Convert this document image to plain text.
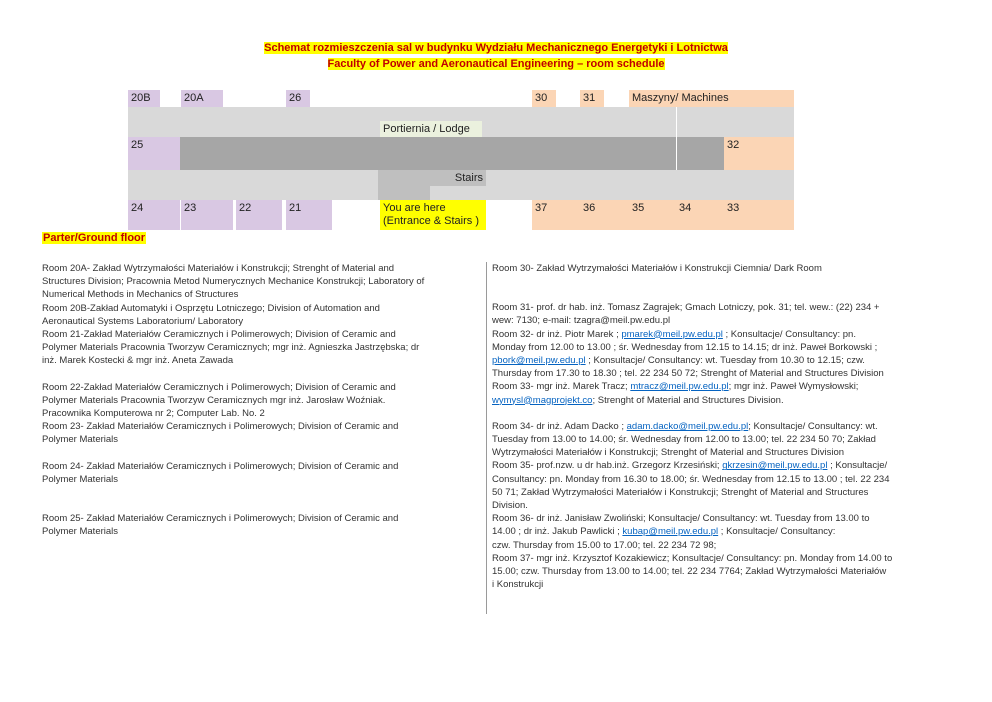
Schemat rozmieszczenia sal w budynku Wydziału Mechanicznego Energetyki i Lotnictwa
Faculty of Power and Aeronautical Engineering – room schedule
20B	20A	26	30	31	Maszyny/ Machines
Portiernia / Lodge
25	32
Stairs
24	23	22	21	You are here
(Entrance & Stairs )
37	36	35	34	33
Parter/Ground floor

Room 20A- Zakład Wytrzymałości Materiałów i Konstrukcji; Strenght of Material and

Structures Division; Pracownia Metod Numerycznych Mechanice Konstrukcji; Laboratory of

Numerical Methods in Mechanics of Structures

Room 20B-Zakład Automatyki i Osprzętu Lotniczego; Division of Automation and

Aeronautical Systems Laboratorium/ Laboratory

Room 21-Zakład Materiałów Ceramicznych i Polimerowych; Division of Ceramic and

Polymer Materials Pracownia Tworzyw Ceramicznych; mgr inż. Agnieszka Jastrzębska; dr

inż. Marek Kostecki & mgr inż. Aneta Zawada

Room 22-Zakład Materiałów Ceramicznych i Polimerowych; Division of Ceramic and

Polymer Materials Pracownia Tworzyw Ceramicznych mgr inż. Jarosław Woźniak.

Pracownika Komputerowa nr 2; Computer Lab. No. 2

Room 23- Zakład Materiałów Ceramicznych i Polimerowych; Division of Ceramic and

Polymer Materials

Room 24- Zakład Materiałów Ceramicznych i Polimerowych; Division of Ceramic and

Polymer Materials

Room 25- Zakład Materiałów Ceramicznych i Polimerowych; Division of Ceramic and

Polymer Materials

Room 30- Zakład Wytrzymałości Materiałów i Konstrukcji Ciemnia/ Dark Room

Room 31- prof. dr hab. inż. Tomasz Zagrajek; Gmach Lotniczy, pok. 31; tel. wew.: (22) 234 +

wew: 7130; e-mail: tzagra@meil.pw.edu.pl

Room 32- dr inż. Piotr Marek ; pmarek@meil.pw.edu.pl ; Konsultacje/ Consultancy: pn.

Monday from 12.00 to 13.00 ; śr. Wednesday from 12.15 to 14.15; dr inż. Paweł Borkowski ;

pbork@meil.pw.edu.pl ; Konsultacje/ Consultancy: wt. Tuesday from 10.30 to 12.15; czw.

Thursday from 17.30 to 18.30 ; tel. 22 234 50 72; Strenght of Material and Structures Division

Room 33- mgr inż. Marek Tracz; mtracz@meil.pw.edu.pl; mgr inż. Paweł Wymysłowski;

wymysl@magprojekt.co; Strenght of Material and Structures Division.

Room 34- dr inż. Adam Dacko ; adam.dacko@meil.pw.edu.pl; Konsultacje/ Consultancy: wt.

Tuesday from 13.00 to 14.00; śr. Wednesday from 12.00 to 13.00; tel. 22 234 50 70; Zakład

Wytrzymałości Materiałów i Konstrukcji; Strenght of Material and Structures Division

Room 35- prof.nzw. u dr hab.inż. Grzegorz Krzesiński; gkrzesin@meil.pw.edu.pl ; Konsultacje/

Consultancy: pn. Monday from 16.30 to 18.00; śr. Wednesday from 12.15 to 13.00 ; tel. 22 234

50 71; Zakład Wytrzymałości Materiałów i Konstrukcji; Strenght of Material and Structures

Division.

Room 36- dr inż. Janisław Zwoliński; Konsultacje/ Consultancy: wt. Tuesday from 13.00 to

14.00 ; dr inż. Jakub Pawlicki ; kubap@meil.pw.edu.pl ; Konsultacje/ Consultancy:

czw. Thursday from 15.00 to 17.00; tel. 22 234 72 98;

Room 37- mgr inż. Krzysztof Kozakiewicz; Konsultacje/ Consultancy: pn. Monday from 14.00 to

15.00; czw. Thursday from 13.00 to 14.00; tel. 22 234 7764; Zakład Wytrzymałości Materiałów

i Konstrukcji
